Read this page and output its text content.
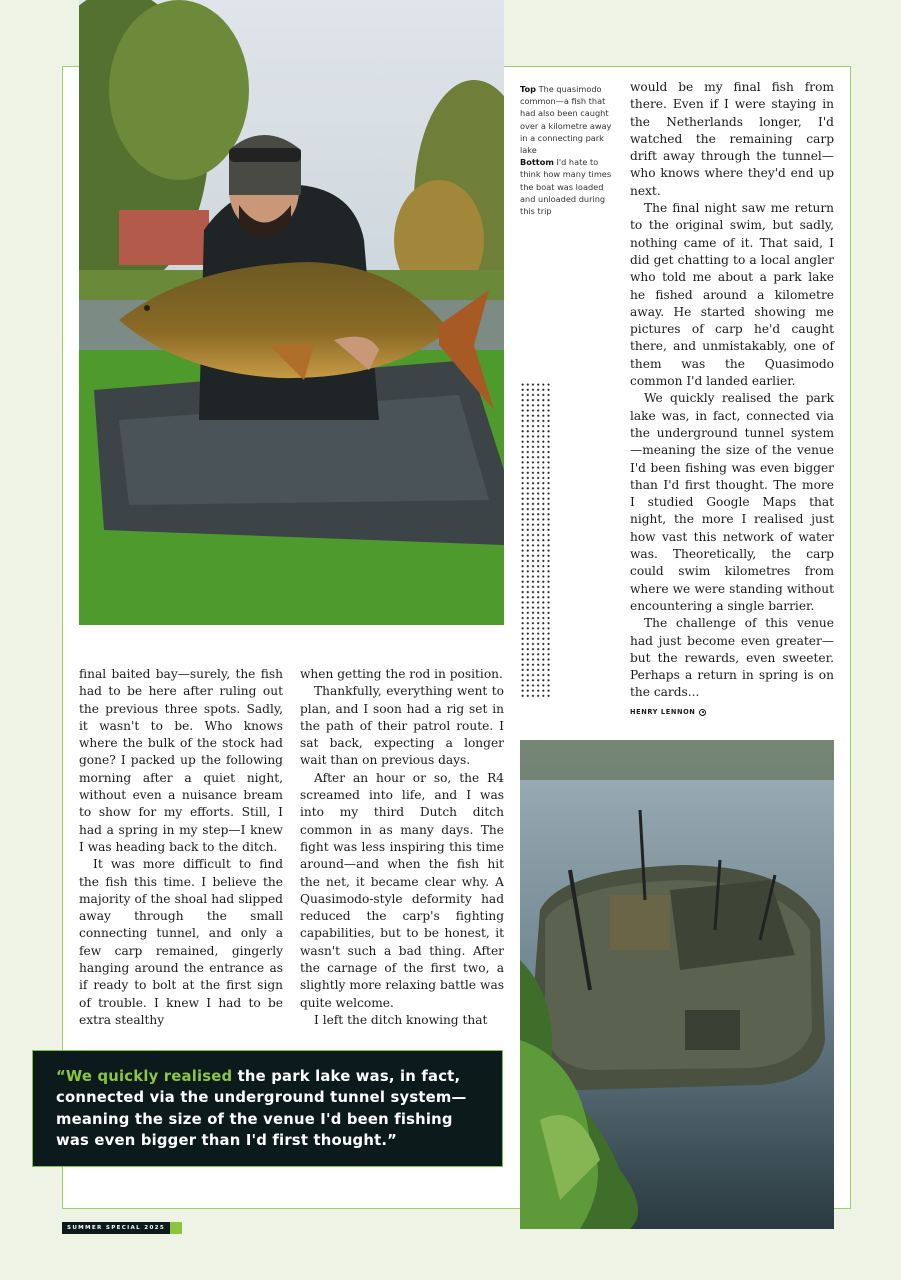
Top The quasimodo common—a fish that had also been caught over a kilometre away in a connecting park lake
Bottom I'd hate to think how many times the boat was loaded and unloaded during this trip

final baited bay—surely, the fish had to be here after ruling out the previous three spots. Sadly, it wasn't to be. Who knows where the bulk of the stock had gone? I packed up the following morning after a quiet night, without even a nuisance bream to show for my efforts. Still, I had a spring in my step—I knew I was heading back to the ditch.

It was more difficult to find the fish this time. I believe the majority of the shoal had slipped away through the small connecting tunnel, and only a few carp remained, gingerly hanging around the entrance as if ready to bolt at the first sign of trouble. I knew I had to be extra stealthy

when getting the rod in position.

Thankfully, everything went to plan, and I soon had a rig set in the path of their patrol route. I sat back, expecting a longer wait than on previous days.

After an hour or so, the R4 screamed into life, and I was into my third Dutch ditch common in as many days. The fight was less inspiring this time around—and when the fish hit the net, it became clear why. A Quasimodo-style deformity had reduced the carp's fighting capabilities, but to be honest, it wasn't such a bad thing. After the carnage of the first two, a slightly more relaxing battle was quite welcome.

I left the ditch knowing that

would be my final fish from there. Even if I were staying in the Netherlands longer, I'd watched the remaining carp drift away through the tunnel—who knows where they'd end up next.

The final night saw me return to the original swim, but sadly, nothing came of it. That said, I did get chatting to a local angler who told me about a park lake he fished around a kilometre away. He started showing me pictures of carp he'd caught there, and unmistakably, one of them was the Quasimodo common I'd landed earlier.

We quickly realised the park lake was, in fact, connected via the underground tunnel system—meaning the size of the venue I'd been fishing was even bigger than I'd first thought. The more I studied Google Maps that night, the more I realised just how vast this network of water was. Theoretically, the carp could swim kilometres from where we were standing without encountering a single barrier.

The challenge of this venue had just become even greater—but the rewards, even sweeter. Perhaps a return in spring is on the cards...

HENRY LENNON
“We quickly realised the park lake was, in fact, connected via the underground tunnel system—meaning the size of the venue I'd been fishing was even bigger than I'd first thought.”
SUMMER SPECIAL 2025
